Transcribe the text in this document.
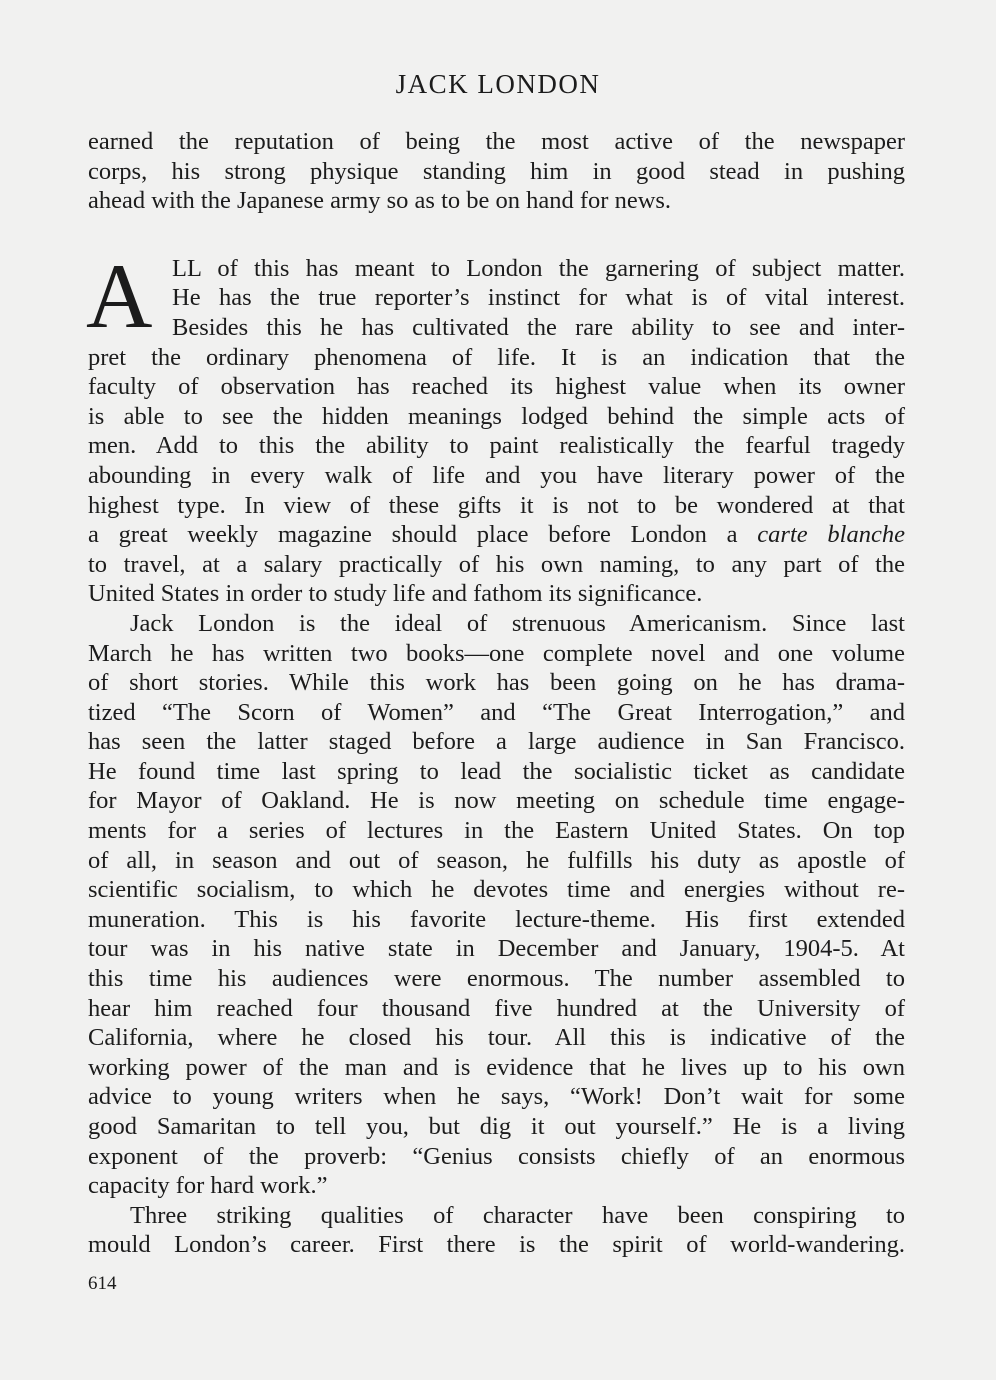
JACK LONDON
earned the reputation of being the most active of the newspaper
corps, his strong physique standing him in good stead in pushing
ahead with the Japanese army so as to be on hand for news.
A LL of this has meant to London the garnering of subject matter.
He has the true reporter’s instinct for what is of vital interest.
Besides this he has cultivated the rare ability to see and inter-
pret the ordinary phenomena of life. It is an indication that the
faculty of observation has reached its highest value when its owner
is able to see the hidden meanings lodged behind the simple acts of
men. Add to this the ability to paint realistically the fearful tragedy
abounding in every walk of life and you have literary power of the
highest type. In view of these gifts it is not to be wondered at that
a great weekly magazine should place before London a carte blanche
to travel, at a salary practically of his own naming, to any part of the
United States in order to study life and fathom its significance.
Jack London is the ideal of strenuous Americanism. Since last
March he has written two books—one complete novel and one volume
of short stories. While this work has been going on he has drama-
tized “The Scorn of Women” and “The Great Interrogation,” and
has seen the latter staged before a large audience in San Francisco.
He found time last spring to lead the socialistic ticket as candidate
for Mayor of Oakland. He is now meeting on schedule time engage-
ments for a series of lectures in the Eastern United States. On top
of all, in season and out of season, he fulfills his duty as apostle of
scientific socialism, to which he devotes time and energies without re-
muneration. This is his favorite lecture-theme. His first extended
tour was in his native state in December and January, 1904-5. At
this time his audiences were enormous. The number assembled to
hear him reached four thousand five hundred at the University of
California, where he closed his tour. All this is indicative of the
working power of the man and is evidence that he lives up to his own
advice to young writers when he says, “Work! Don’t wait for some
good Samaritan to tell you, but dig it out yourself.” He is a living
exponent of the proverb: “Genius consists chiefly of an enormous
capacity for hard work.”
Three striking qualities of character have been conspiring to
mould London’s career. First there is the spirit of world-wandering.
614
